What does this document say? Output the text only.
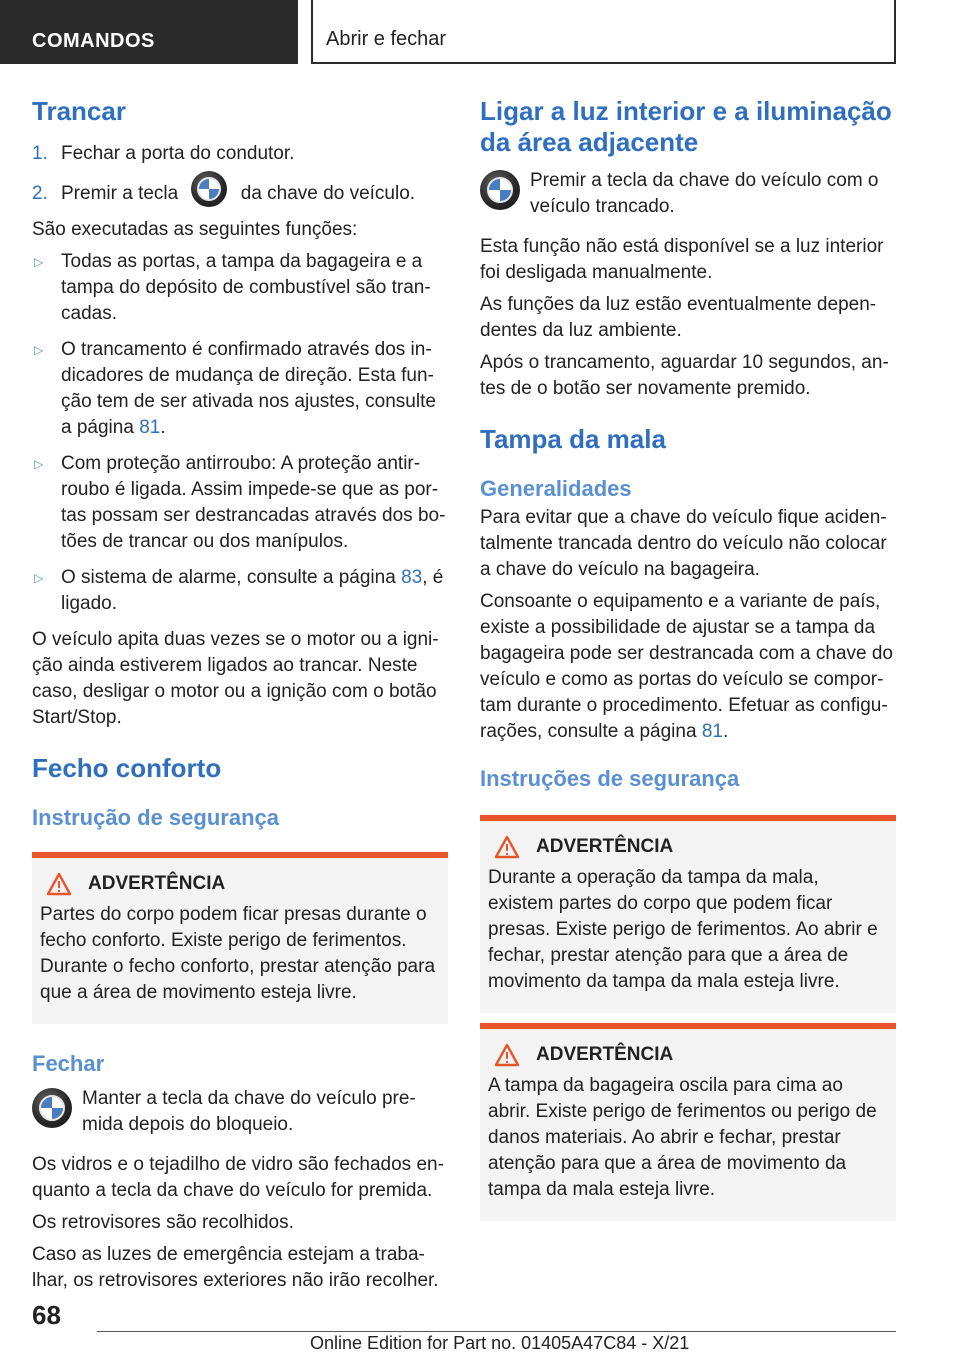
COMANDOS	Abrir e fechar
Trancar
1. Fechar a porta do condutor.
2. Premir a tecla	da chave do veículo.

São executadas as seguintes funções:

▷ Todas as portas, a tampa da bagageira e a tampa do depósito de combustível são trancadas.
▷ O trancamento é confirmado através dos indicadores de mudança de direção. Esta função tem de ser ativada nos ajustes, consulte a página 81.
▷ Com proteção antirroubo: A proteção antirroubo é ligada. Assim impede-se que as portas possam ser destrancadas através dos botões de trancar ou dos manípulos.
▷ O sistema de alarme, consulte a página 83, é ligado.

O veículo apita duas vezes se o motor ou a ignição ainda estiverem ligados ao trancar. Neste caso, desligar o motor ou a ignição com o botão Start/Stop.

Fecho conforto
Instrução de segurança
ADVERTÊNCIA

Partes do corpo podem ficar presas durante o fecho conforto. Existe perigo de ferimentos. Durante o fecho conforto, prestar atenção para que a área de movimento esteja livre.

Fechar

Manter a tecla da chave do veículo premida depois do bloqueio.

Os vidros e o tejadilho de vidro são fechados enquanto a tecla da chave do veículo for premida.

Os retrovisores são recolhidos.

Caso as luzes de emergência estejam a trabalhar, os retrovisores exteriores não irão recolher.

Ligar a luz interior e a iluminação da área adjacente

Premir a tecla da chave do veículo com o veículo trancado.

Esta função não está disponível se a luz interior foi desligada manualmente.

As funções da luz estão eventualmente dependentes da luz ambiente.

Após o trancamento, aguardar 10 segundos, antes de o botão ser novamente premido.

Tampa da mala
Generalidades

Para evitar que a chave do veículo fique acidentalmente trancada dentro do veículo não colocar a chave do veículo na bagageira.

Consoante o equipamento e a variante de país, existe a possibilidade de ajustar se a tampa da bagageira pode ser destrancada com a chave do veículo e como as portas do veículo se comportam durante o procedimento. Efetuar as configurações, consulte a página 81.

Instruções de segurança
ADVERTÊNCIA

Durante a operação da tampa da mala, existem partes do corpo que podem ficar presas. Existe perigo de ferimentos. Ao abrir e fechar, prestar atenção para que a área de movimento da tampa da mala esteja livre.

ADVERTÊNCIA

A tampa da bagageira oscila para cima ao abrir. Existe perigo de ferimentos ou perigo de danos materiais. Ao abrir e fechar, prestar atenção para que a área de movimento da tampa da mala esteja livre.

68
Online Edition for Part no. 01405A47C84 - X/21
